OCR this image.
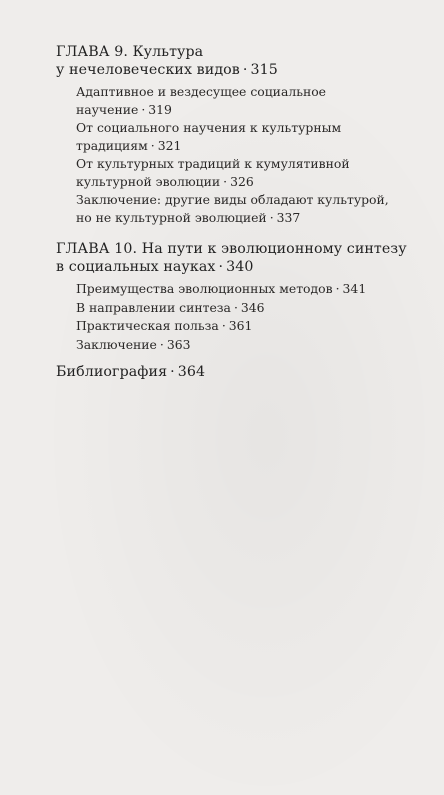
ГЛАВА 9. Культура
у нечеловеческих видов · 315
Адаптивное и вездесущее социальное
научение · 319
От социального научения к культурным
традициям · 321
От культурных традиций к кумулятивной
культурной эволюции · 326
Заключение: другие виды обладают культурой,
но не культурной эволюцией · 337
ГЛАВА 10. На пути к эволюционному синтезу
в социальных науках · 340
Преимущества эволюционных методов · 341
В направлении синтеза · 346
Практическая польза · 361
Заключение · 363
Библиография · 364
